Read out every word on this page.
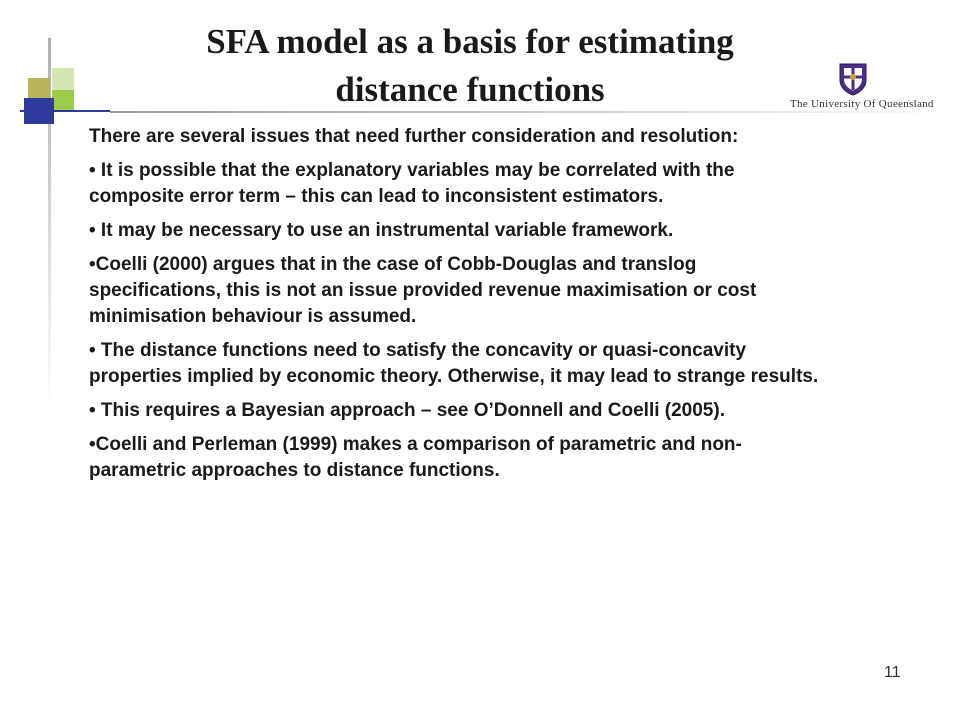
SFA model as a basis for estimating
distance functions	The University Of Queensland

There are several issues that need further consideration and resolution:

• It is possible that the explanatory variables may be correlated with the composite error term – this can lead to inconsistent estimators.

• It may be necessary to use an instrumental variable framework.

•Coelli (2000) argues that in the case of Cobb-Douglas and translog specifications, this is not an issue provided revenue maximisation or cost minimisation behaviour is assumed.

• The distance functions need to satisfy the concavity or quasi-concavity properties implied by economic theory. Otherwise, it may lead to strange results.

• This requires a Bayesian approach – see O’Donnell and Coelli (2005).

•Coelli and Perleman (1999) makes a comparison of parametric and non-parametric approaches to distance functions.

11
